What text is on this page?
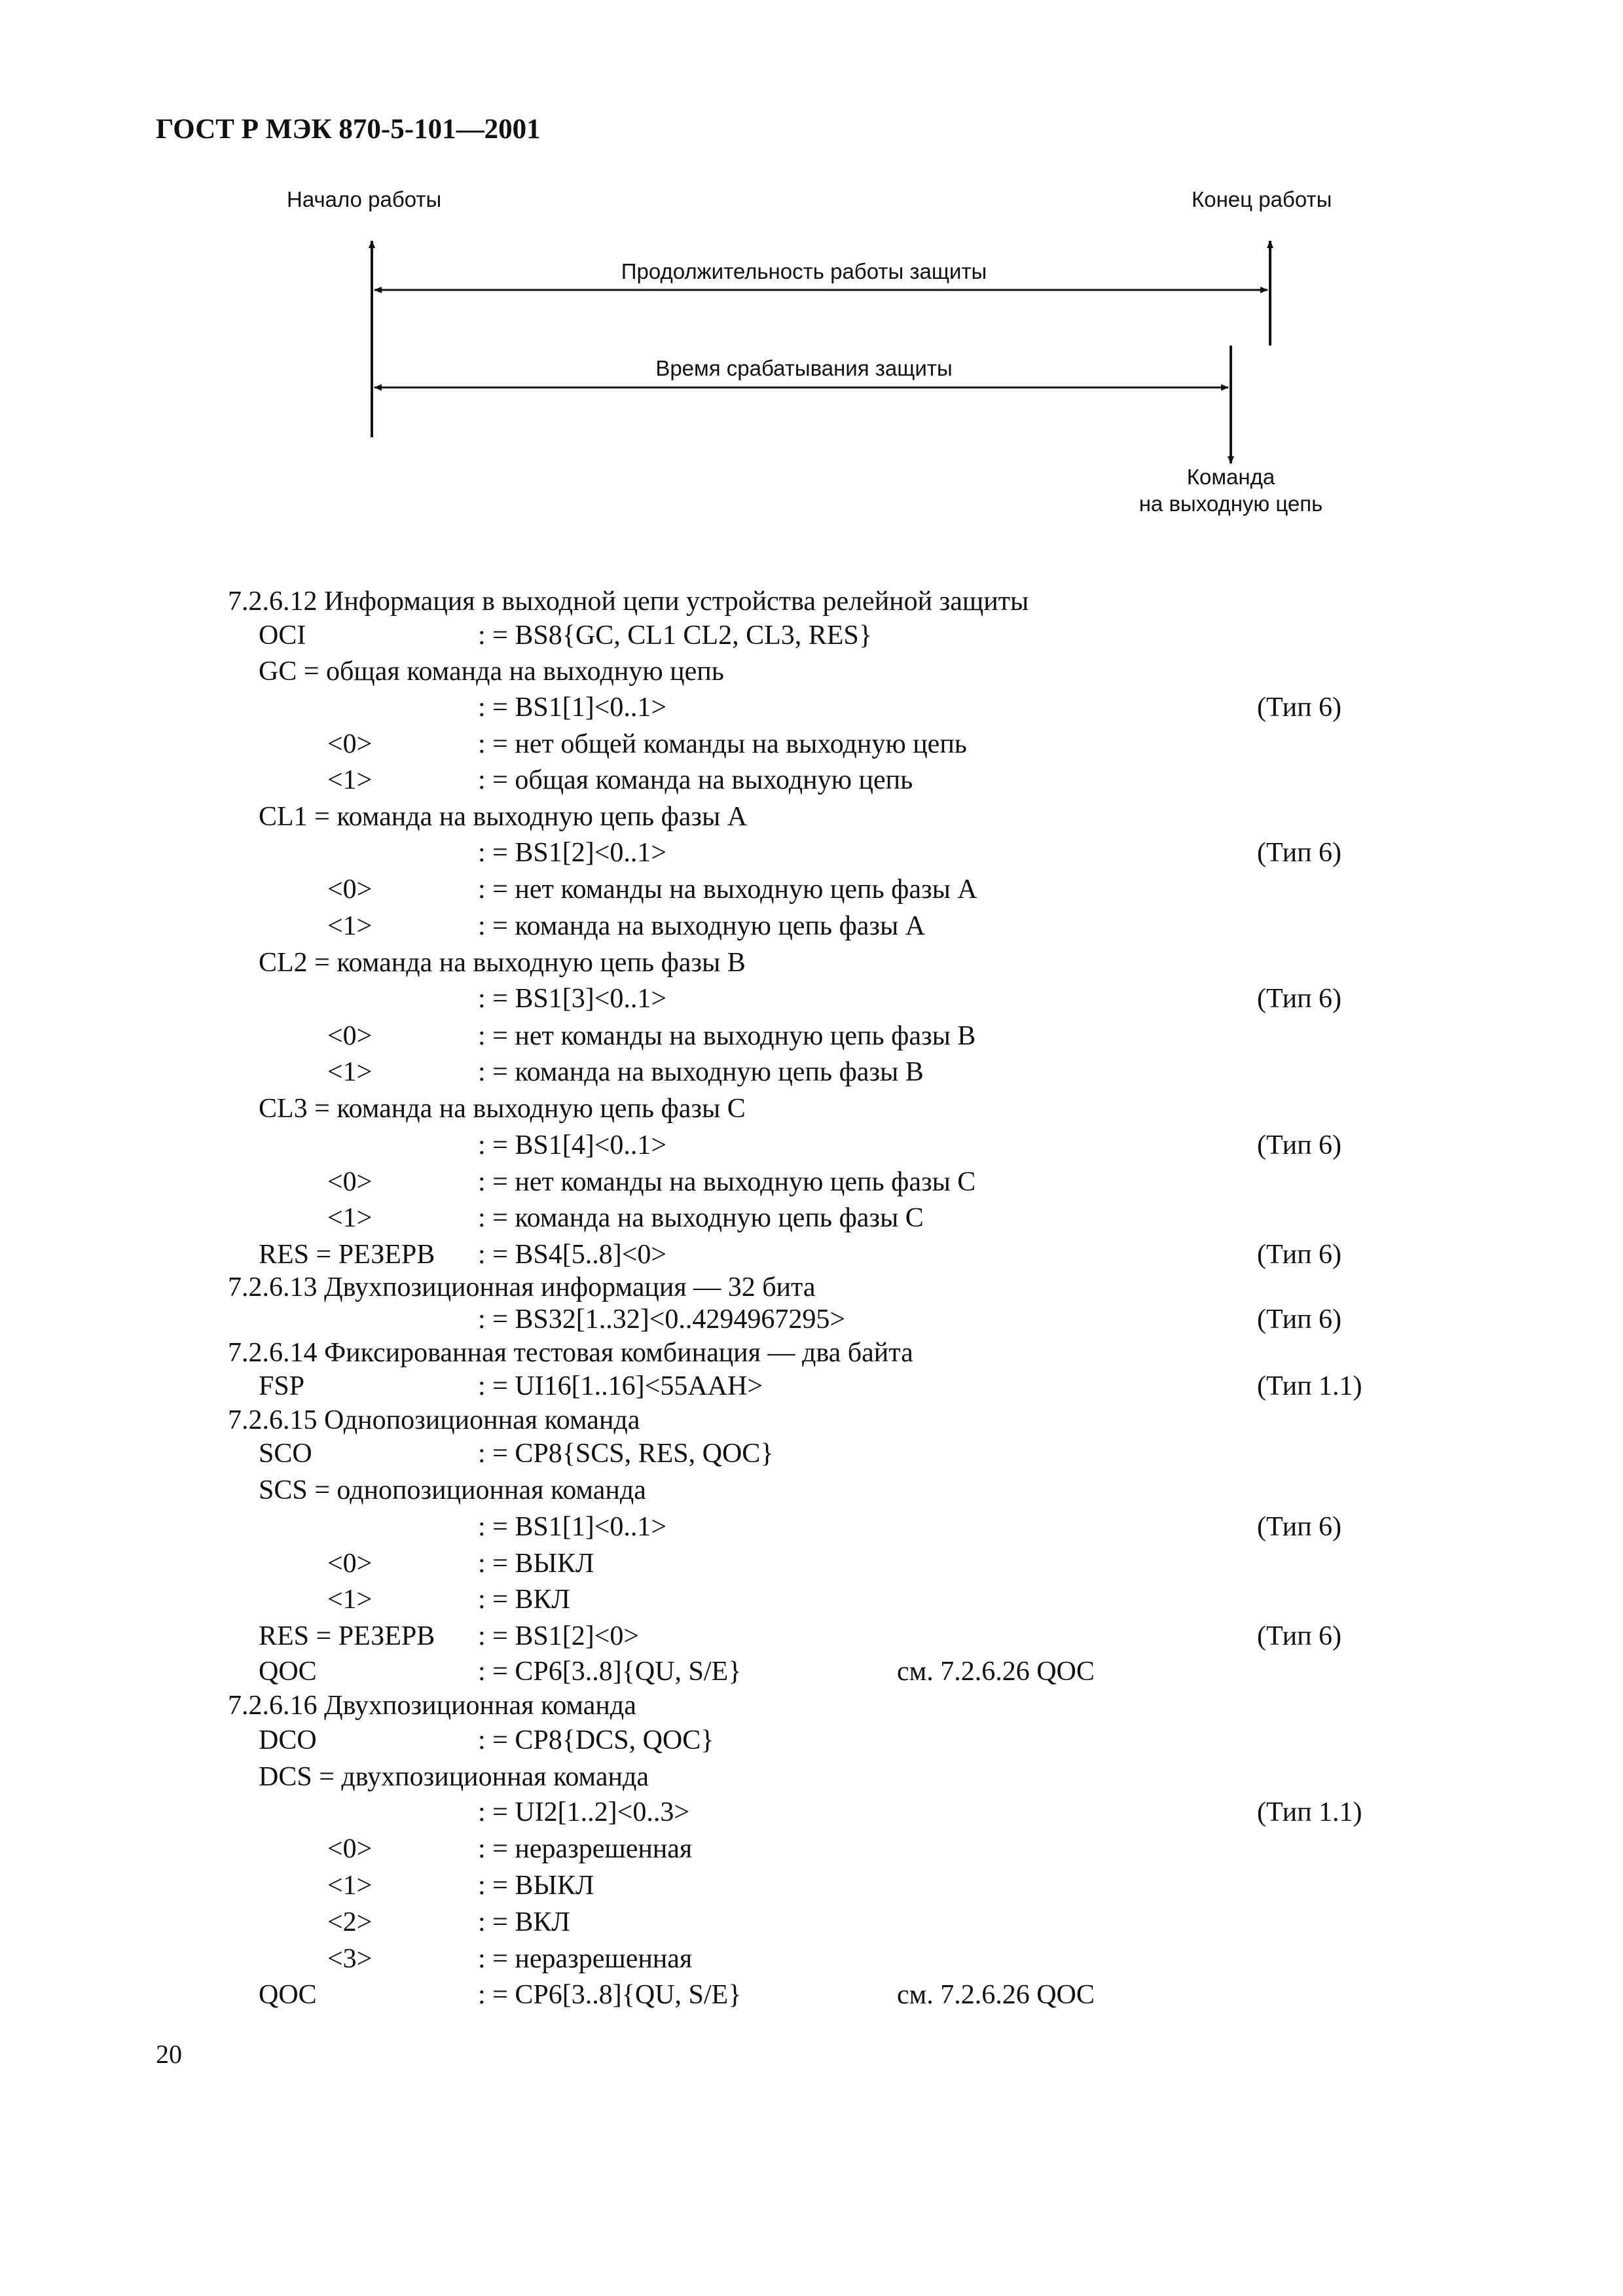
ГОСТ Р МЭК 870-5-101—2001
Начало работы	Конец работы
Продолжительность работы защиты
Время срабатывания защиты
Команда
на выходную цепь
7.2.6.12 Информация в выходной цепи устройства релейной защиты
OCI	: = BS8{GC, CL1 CL2, CL3, RES}
GC = общая команда на выходную цепь
: = BS1[1]<0..1>	(Тип 6)
<0>	: = нет общей команды на выходную цепь
<1>	: = общая команда на выходную цепь
CL1 = команда на выходную цепь фазы A
: = BS1[2]<0..1>	(Тип 6)
<0>	: = нет команды на выходную цепь фазы A
<1>	: = команда на выходную цепь фазы A
CL2 = команда на выходную цепь фазы B
: = BS1[3]<0..1>	(Тип 6)
<0>	: = нет команды на выходную цепь фазы B
<1>	: = команда на выходную цепь фазы B
CL3 = команда на выходную цепь фазы C
: = BS1[4]<0..1>	(Тип 6)
<0>	: = нет команды на выходную цепь фазы C
<1>	: = команда на выходную цепь фазы C
RES = РЕЗЕРВ : = BS4[5..8]<0>	(Тип 6)
7.2.6.13 Двухпозиционная информация — 32 бита
: = BS32[1..32]<0..4294967295>	(Тип 6)
7.2.6.14 Фиксированная тестовая комбинация — два байта
FSP	: = UI16[1..16]<55AAH>	(Тип 1.1)
7.2.6.15 Однопозиционная команда
SCO	: = CP8{SCS, RES, QOC}
SCS = однопозиционная команда
: = BS1[1]<0..1>	(Тип 6)
<0>	: = ВЫКЛ
<1>	: = ВКЛ
RES = РЕЗЕРВ : = BS1[2]<0>	(Тип 6)
QOC	: = CP6[3..8]{QU, S/E}	см. 7.2.6.26 QOC
7.2.6.16 Двухпозиционная команда
DCO	: = CP8{DCS, QOC}
DCS = двухпозиционная команда
: = UI2[1..2]<0..3>	(Тип 1.1)
<0>	: = неразрешенная
<1>	: = ВЫКЛ
<2>	: = ВКЛ
<3>	: = неразрешенная
QOC	: = CP6[3..8]{QU, S/E}	см. 7.2.6.26 QOC
20
